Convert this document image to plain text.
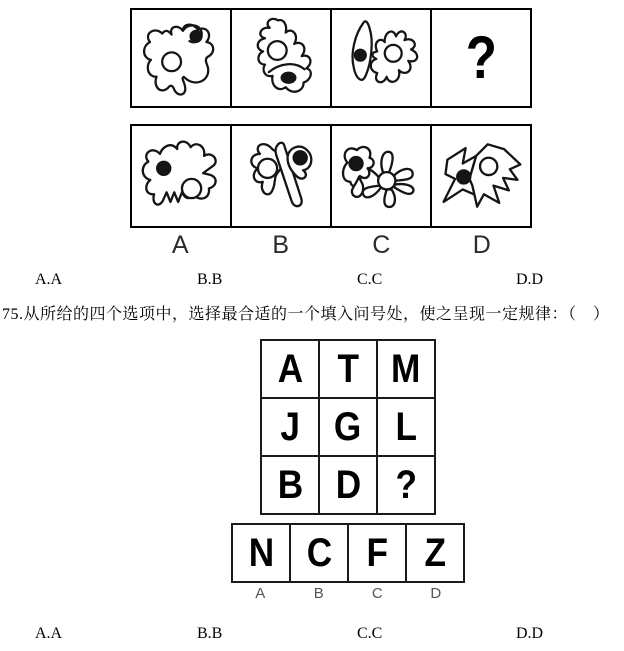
?
A	B	C	D
A.A	B.B	C.C	D.D
75.从所给的四个选项中，选择最合适的一个填入问号处，使之呈现一定规律：（　）
A T M
J G L
B D ?
N C F Z
A	B	C	D
A.A	B.B	C.C	D.D
